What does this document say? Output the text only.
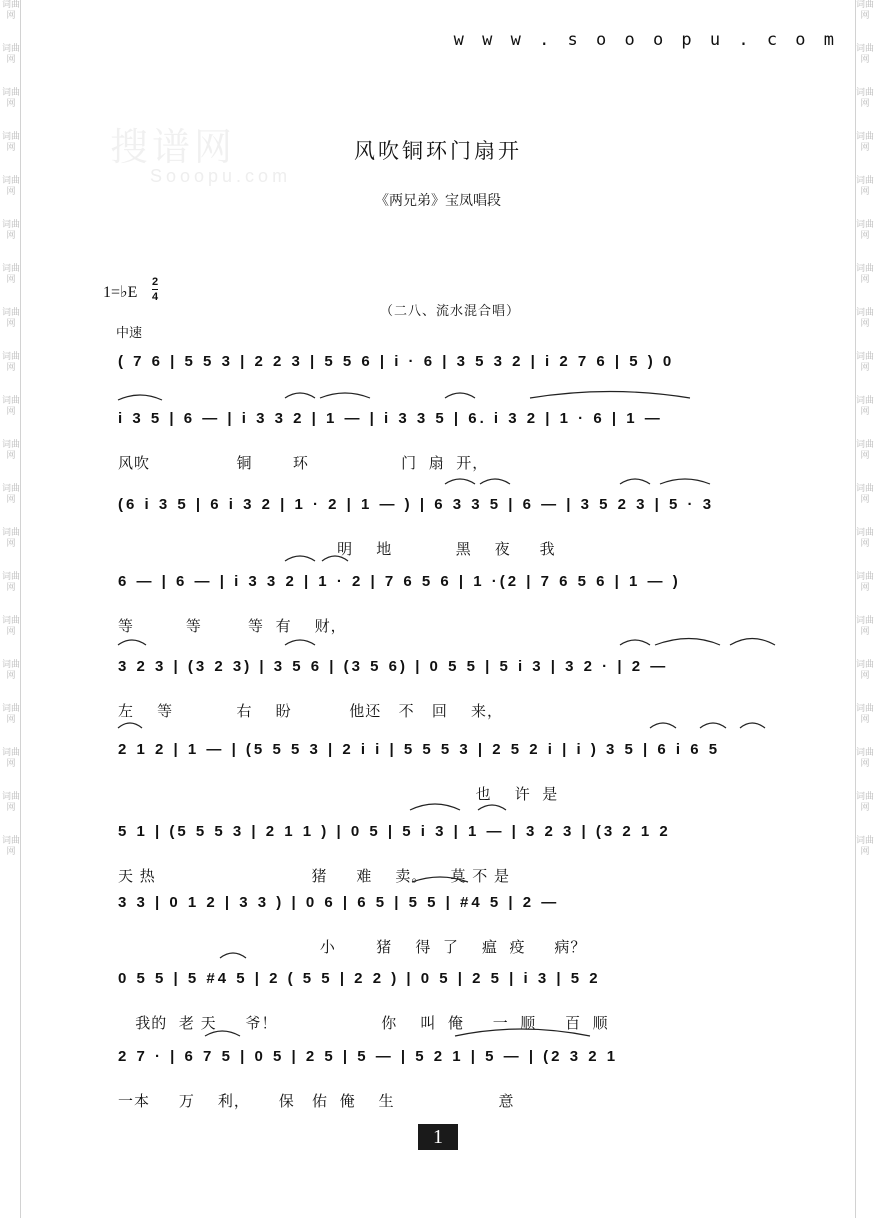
词曲网
词曲网
词曲网
词曲网
词曲网
词曲网
词曲网
词曲网
词曲网
词曲网
词曲网
词曲网
词曲网
词曲网
词曲网
词曲网
词曲网
词曲网
词曲网
词曲网
词曲网
词曲网
词曲网
词曲网
词曲网
词曲网
词曲网
词曲网
词曲网
词曲网
词曲网
词曲网
词曲网
词曲网
词曲网
词曲网
词曲网
词曲网
词曲网
词曲网
w w w . s o o o p u . c o m
搜谱网
Sooopu.com
风吹铜环门扇开
《两兄弟》宝凤唱段
1=♭E
2
4
（二八、流水混合唱）
中速
( 7 6 | 5 5 3 | 2 2 3 | 5 5 6 | i · 6 | 3 5 3 2 | i 2 7 6 | 5 ) 0
i 3 5 | 6 — | i 3 3 2 | 1 — | i 3 3 5 | 6. i 3 2 | 1 · 6 | 1 —
风吹               铜       环                门  扇  开，
(6 i 3 5 | 6 i 3 2 | 1 · 2 | 1 — ) | 6 3 3 5 | 6 — | 3 5 2 3 | 5 · 3
明    地           黑    夜     我
6 — | 6 — | i 3 3 2 | 1 · 2 | 7 6 5 6 | 1 ·(2 | 7 6 5 6 | 1 — )
等         等        等  有    财，
3 2 3 | (3 2 3) | 3 5 6 | (3 5 6) | 0 5 5 | 5 i 3 | 3 2 · | 2 —
左    等           右    盼          他还   不   回    来，
2 1 2 | 1 — | (5 5 5 3 | 2 i i | 5 5 5 3 | 2 5 2 i | i ) 3 5 | 6 i 6 5
也    许  是
5 1 | (5 5 5 3 | 2 1 1 ) | 0 5 | 5 i 3 | 1 — | 3 2 3 | (3 2 1 2
天 热                           猪     难    卖。    莫 不 是
3 3 | 0 1 2 | 3 3 ) | 0 6 | 6 5 | 5 5 | #4 5 | 2 —
小       猪    得  了    瘟  疫     病？
0 5 5 | 5 #4 5 | 2 ( 5 5 | 2 2 ) | 0 5 | 2 5 | i 3 | 5 2
我的  老 天     爷！                  你    叫  俺     一  顺     百  顺
2 7 · | 6 7 5 | 0 5 | 2 5 | 5 — | 5 2 1 | 5 — | (2 3 2 1
一本     万    利，     保   佑  俺    生                  意
1
